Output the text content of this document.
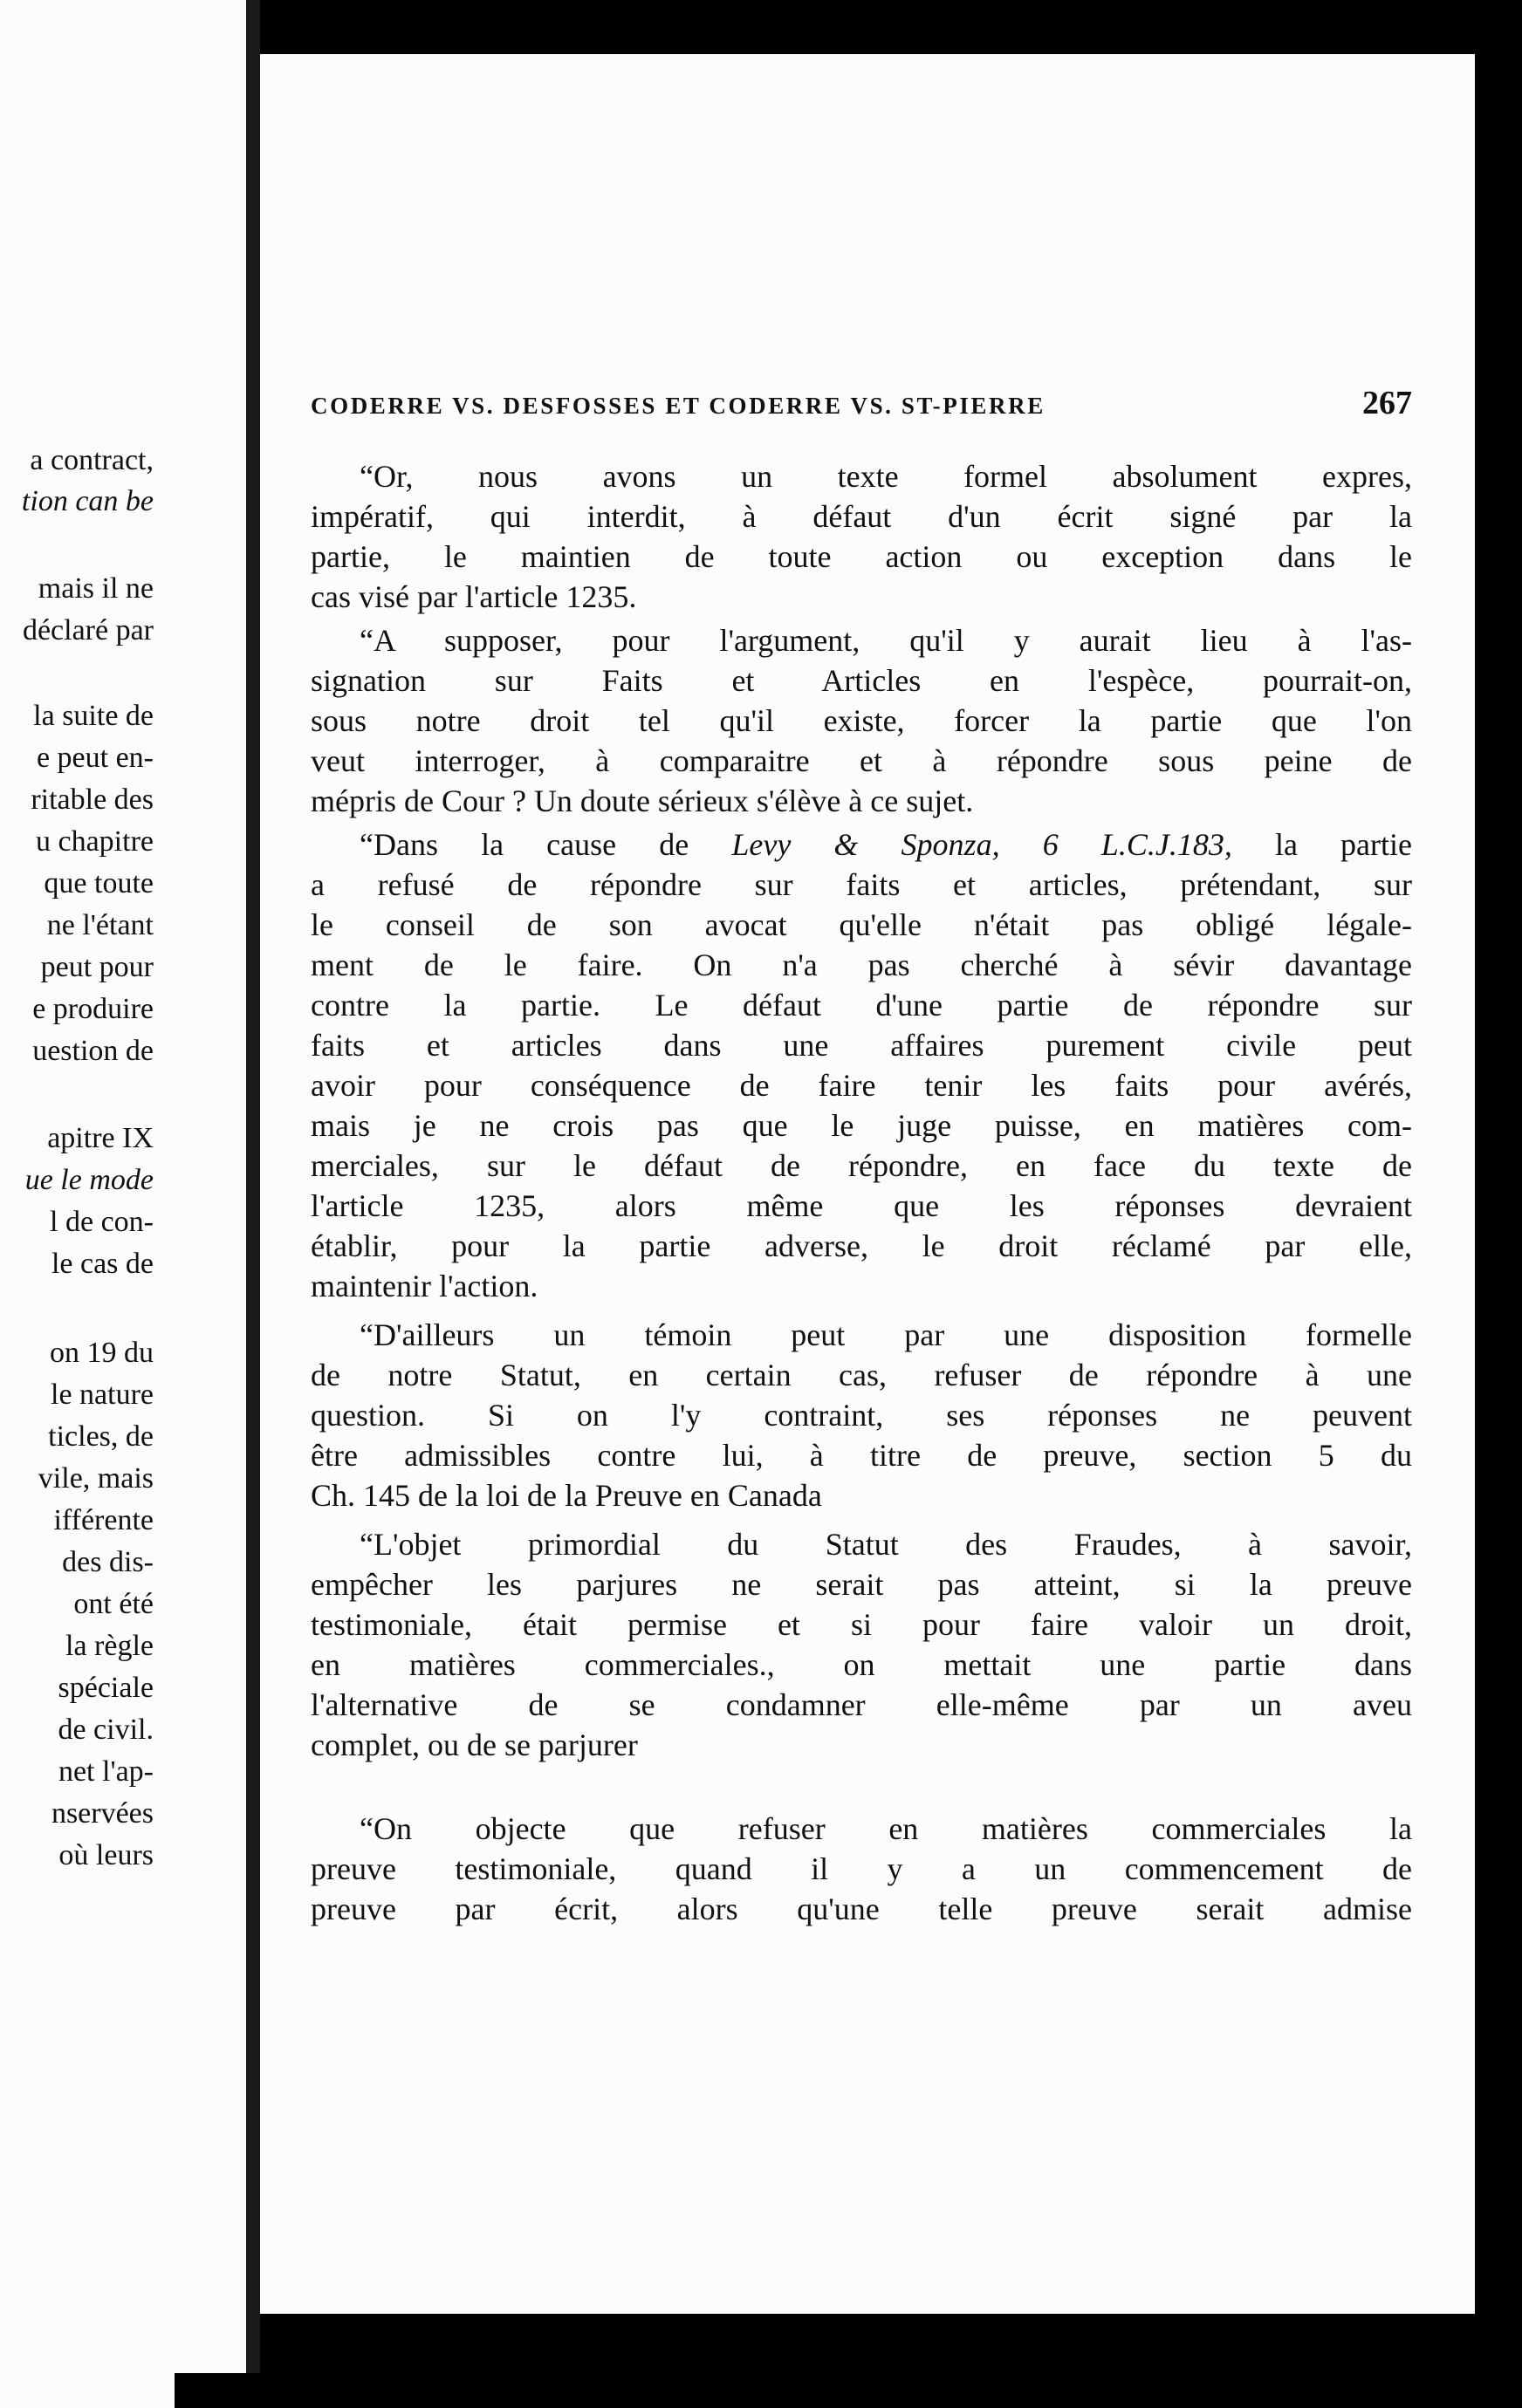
a contract,
tion can be
mais il ne
déclaré par
la suite de
e peut en-
ritable des
u chapitre
que toute
ne l'étant
peut pour
e produire
uestion de
apitre IX
ue le mode
l de con-
le cas de
on 19 du
le nature
ticles, de
vile, mais
ifférente
des dis-
ont été
la règle
spéciale
de civil.
net l'ap-
nservées
où leurs
CODERRE VS. DESFOSSES ET CODERRE VS. ST-PIERRE	267
“Or, nous avons un texte formel absolument expres,
impératif, qui interdit, à défaut d'un écrit signé par la
partie, le maintien de toute action ou exception dans le
cas visé par l'article 1235.
“A supposer, pour l'argument, qu'il y aurait lieu à l'as-
signation sur Faits et Articles en l'espèce, pourrait-on,
sous notre droit tel qu'il existe, forcer la partie que l'on
veut interroger, à comparaitre et à répondre sous peine de
mépris de Cour ? Un doute sérieux s'élève à ce sujet.
“Dans la cause de Levy & Sponza, 6 L.C.J.183, la partie
a refusé de répondre sur faits et articles, prétendant, sur
le conseil de son avocat qu'elle n'était pas obligé légale-
ment de le faire. On n'a pas cherché à sévir davantage
contre la partie. Le défaut d'une partie de répondre sur
faits et articles dans une affaires purement civile peut
avoir pour conséquence de faire tenir les faits pour avérés,
mais je ne crois pas que le juge puisse, en matières com-
merciales, sur le défaut de répondre, en face du texte de
l'article 1235, alors même que les réponses devraient
établir, pour la partie adverse, le droit réclamé par elle,
maintenir l'action.
“D'ailleurs un témoin peut par une disposition formelle
de notre Statut, en certain cas, refuser de répondre à une
question. Si on l'y contraint, ses réponses ne peuvent
être admissibles contre lui, à titre de preuve, section 5 du
Ch. 145 de la loi de la Preuve en Canada
“L'objet primordial du Statut des Fraudes, à savoir,
empêcher les parjures ne serait pas atteint, si la preuve
testimoniale, était permise et si pour faire valoir un droit,
en matières commerciales., on mettait une partie dans
l'alternative de se condamner elle-même par un aveu
complet, ou de se parjurer
“On objecte que refuser en matières commerciales la
preuve testimoniale, quand il y a un commencement de
preuve par écrit, alors qu'une telle preuve serait admise
